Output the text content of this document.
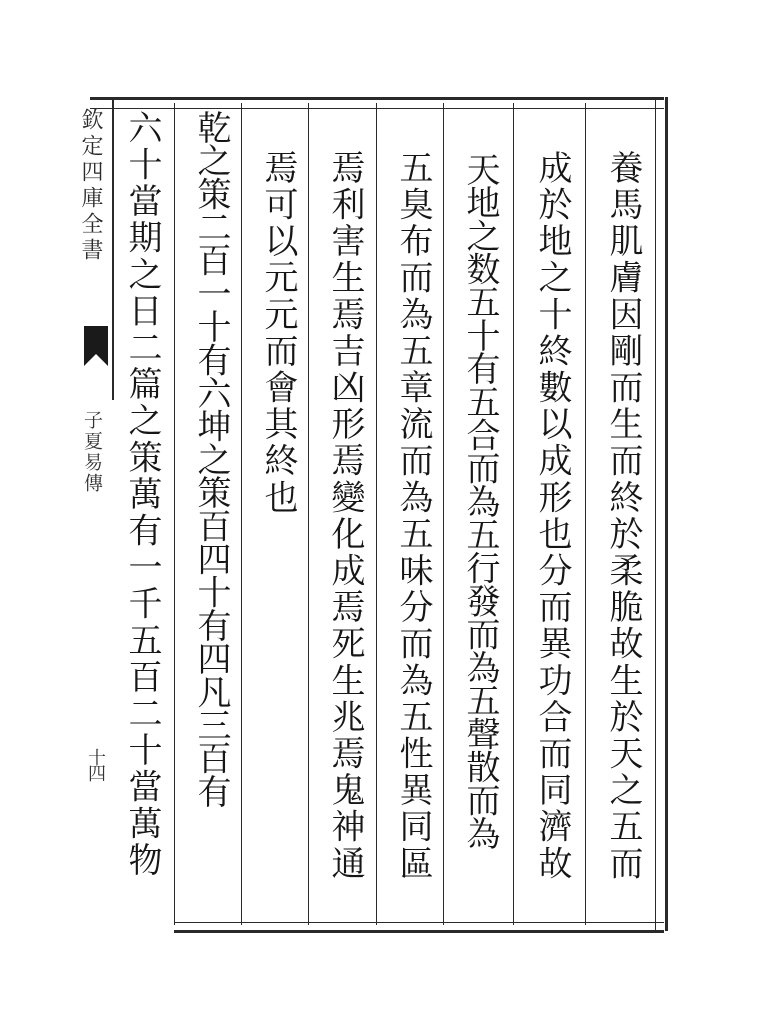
欽定四庫全書
子夏易傳
十四	養馬肌膚因剛而生而終於柔脆故生於天之五而
成於地之十終數以成形也分而異功合而同濟故
天地之数五十有五合而為五行發而為五聲散而為
五臭布而為五章流而為五味分而為五性異同區
焉利害生焉吉凶形焉變化成焉死生兆焉鬼神通
焉可以元元而會其終也
乾之策二百一十有六坤之策百四十有四凡三百有
六十當期之日二篇之策萬有一千五百二十當萬物
